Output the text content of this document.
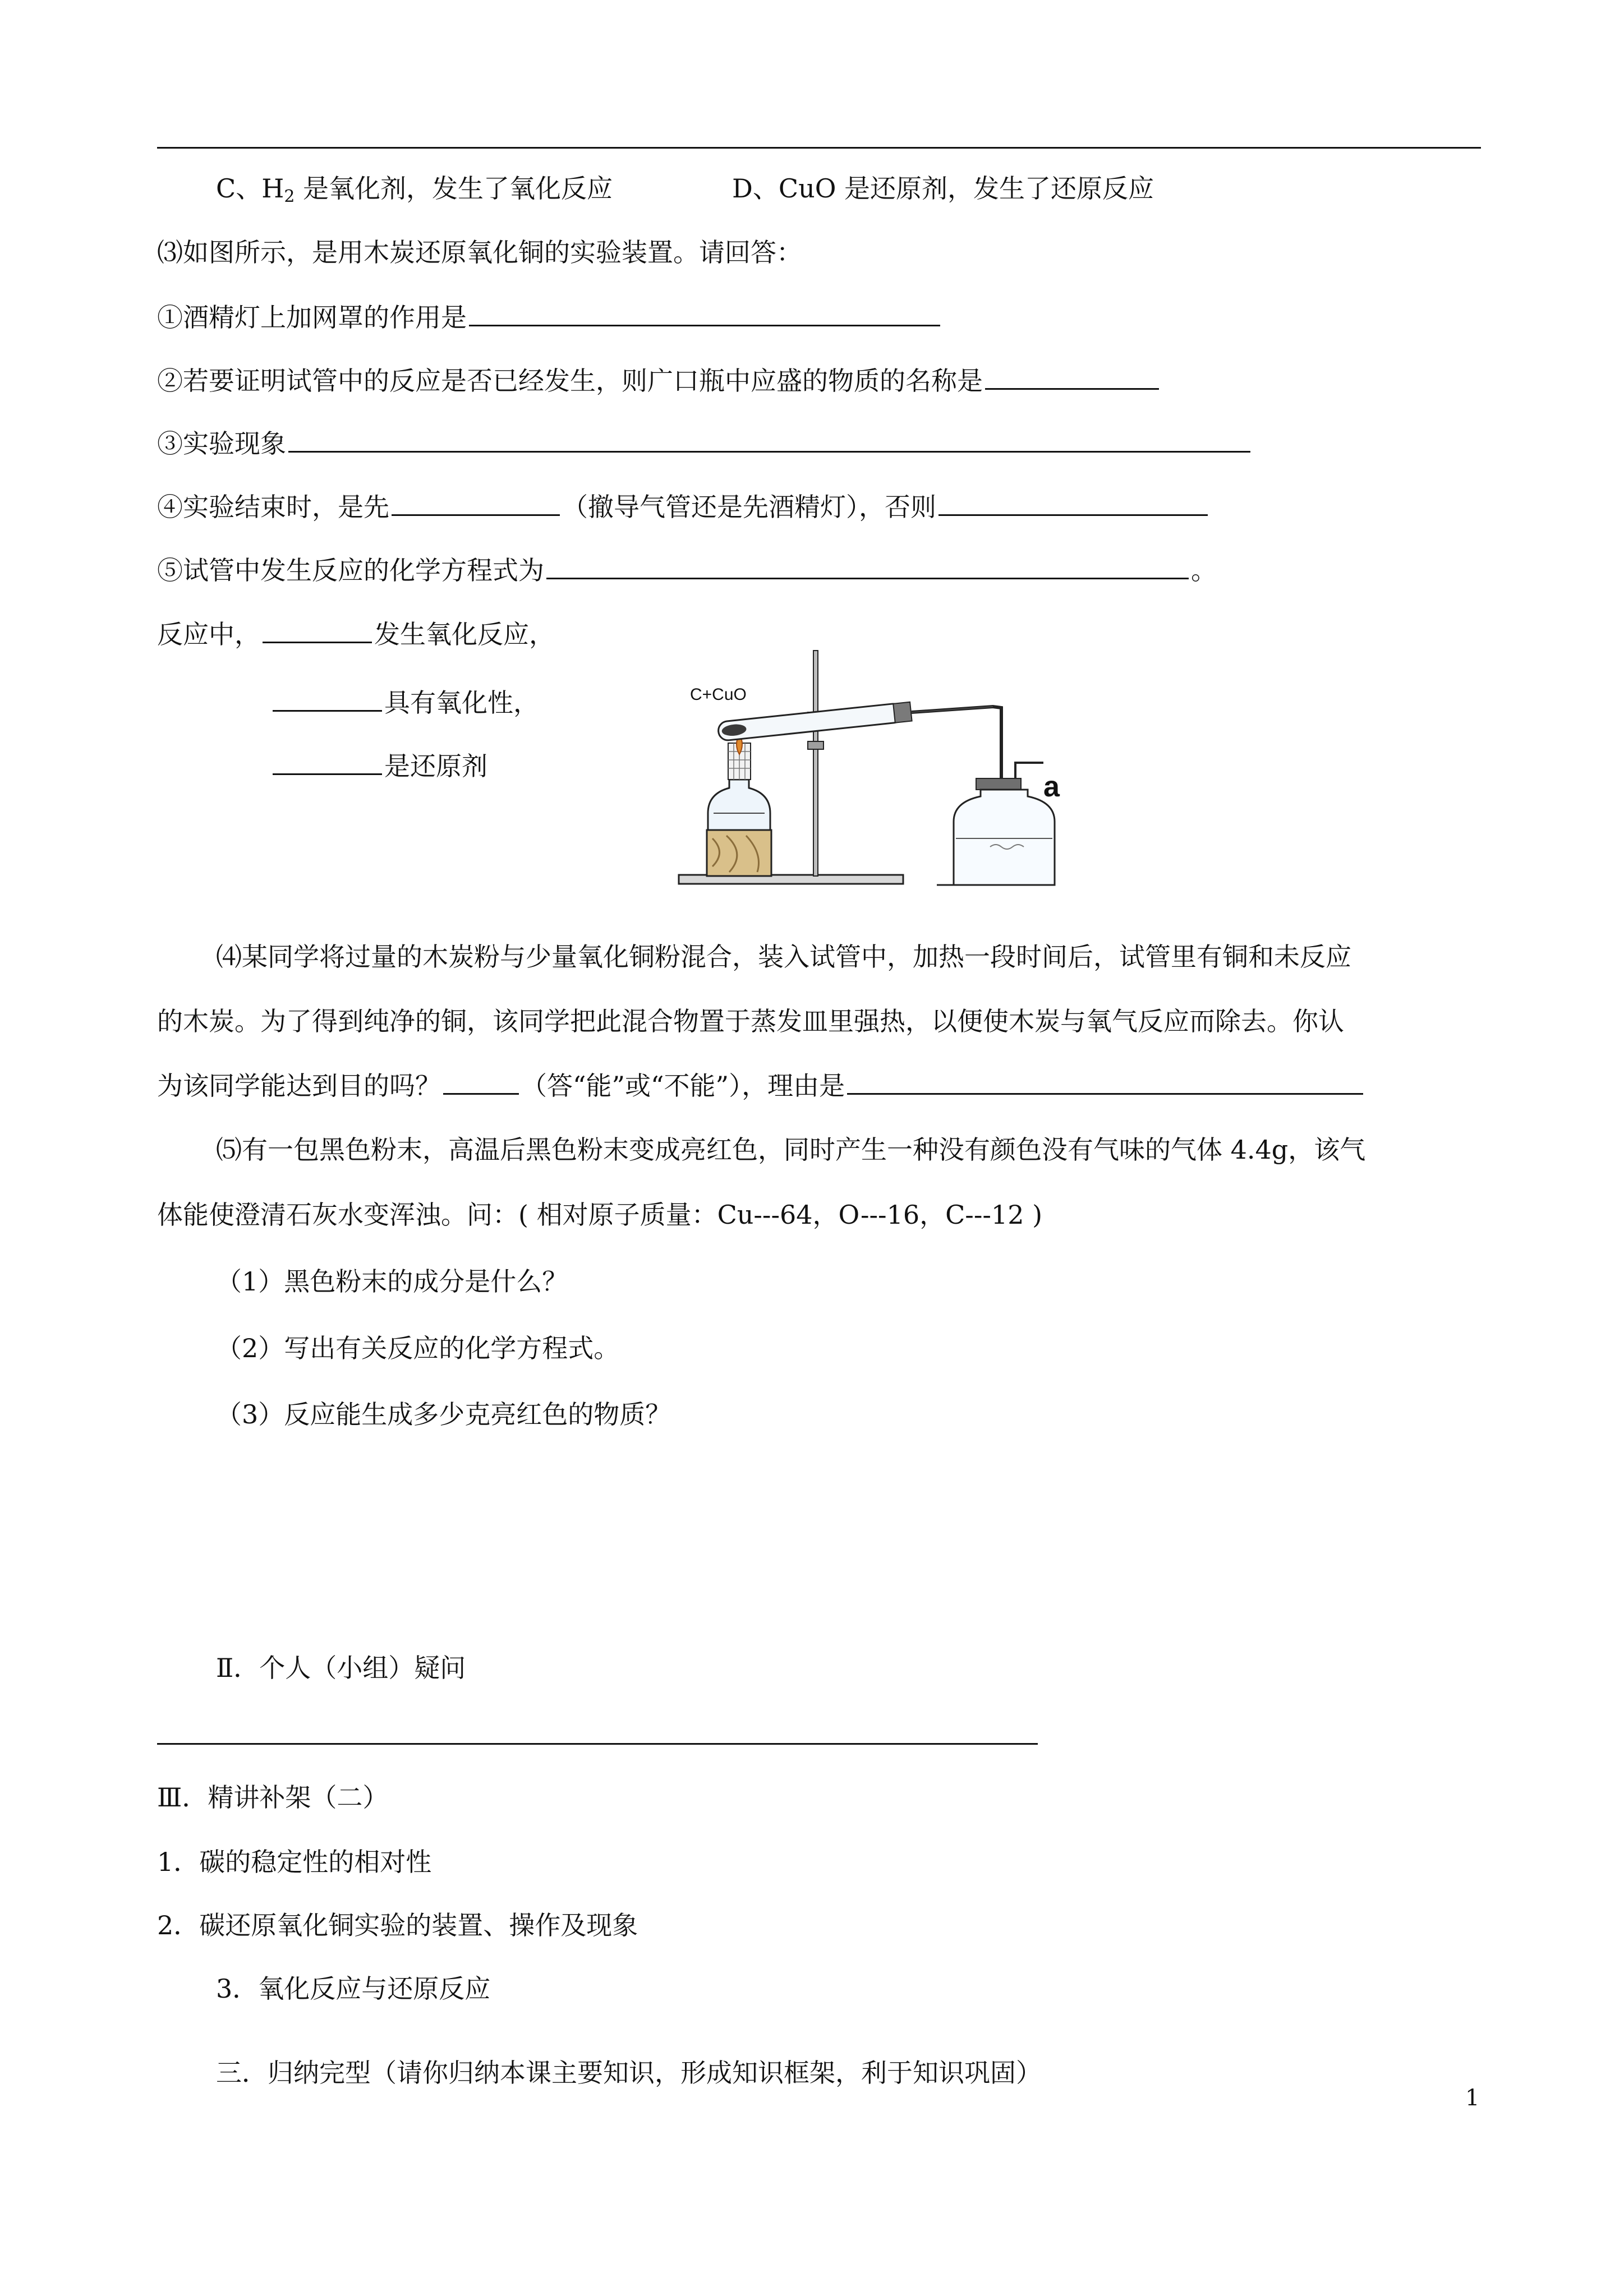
C、$H_2$ 是氧化剂，发生了氧化反应	D、CuO 是还原剂，发生了还原反应
⑶如图所示，是用木炭还原氧化铜的实验装置。请回答：
①酒精灯上加网罩的作用是
②若要证明试管中的反应是否已经发生，则广口瓶中应盛的物质的名称是
③实验现象
④实验结束时，是先	（撤导气管还是先酒精灯），否则
⑤试管中发生反应的化学方程式为	。
反应中，	发生氧化反应，
具有氧化性，
是还原剂
C+CuO
a
⑷某同学将过量的木炭粉与少量氧化铜粉混合，装入试管中，加热一段时间后，试管里有铜和未反应
的木炭。为了得到纯净的铜，该同学把此混合物置于蒸发皿里强热，以便使木炭与氧气反应而除去。你认
为该同学能达到目的吗？	（答“能”或“不能”），理由是
⑸有一包黑色粉末，高温后黑色粉末变成亮红色，同时产生一种没有颜色没有气味的气体 4.4g，该气
体能使澄清石灰水变浑浊。问：( 相对原子质量：Cu---64，O---16，C---12 )
（1）黑色粉末的成分是什么？
（2）写出有关反应的化学方程式。
（3）反应能生成多少克亮红色的物质？
Ⅱ．个人（小组）疑问
Ⅲ．精讲补架（二）
1．碳的稳定性的相对性
2．碳还原氧化铜实验的装置、操作及现象
3．氧化反应与还原反应
三．归纳完型（请你归纳本课主要知识，形成知识框架，利于知识巩固）
1
